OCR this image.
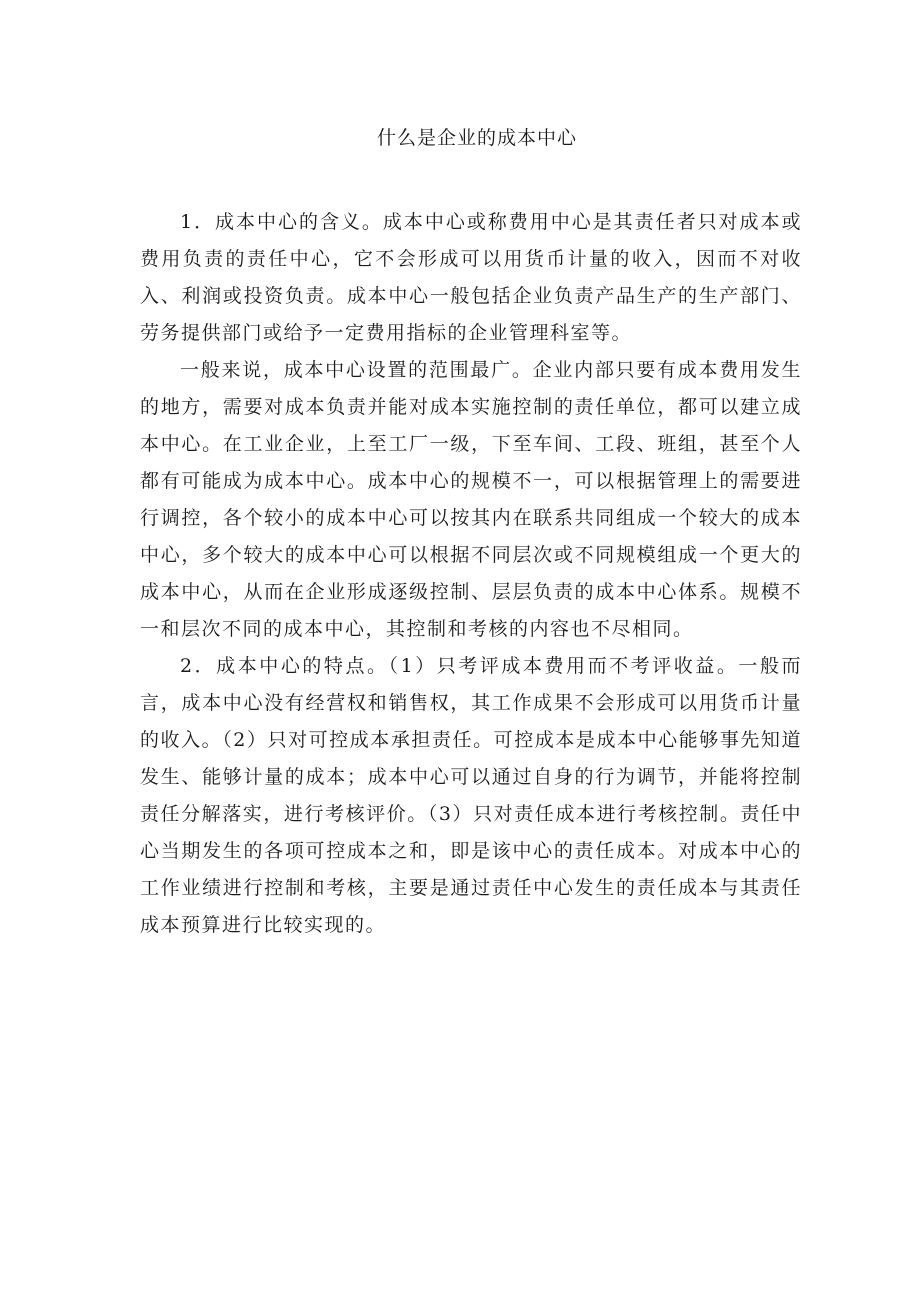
什么是企业的成本中心

1．成本中心的含义。成本中心或称费用中心是其责任者只对成本或费用负责的责任中心，它不会形成可以用货币计量的收入，因而不对收入、利润或投资负责。成本中心一般包括企业负责产品生产的生产部门、劳务提供部门或给予一定费用指标的企业管理科室等。

一般来说，成本中心设置的范围最广。企业内部只要有成本费用发生的地方，需要对成本负责并能对成本实施控制的责任单位，都可以建立成本中心。在工业企业，上至工厂一级，下至车间、工段、班组，甚至个人都有可能成为成本中心。成本中心的规模不一，可以根据管理上的需要进行调控，各个较小的成本中心可以按其内在联系共同组成一个较大的成本中心，多个较大的成本中心可以根据不同层次或不同规模组成一个更大的成本中心，从而在企业形成逐级控制、层层负责的成本中心体系。规模不一和层次不同的成本中心，其控制和考核的内容也不尽相同。

2．成本中心的特点。（1）只考评成本费用而不考评收益。一般而言，成本中心没有经营权和销售权，其工作成果不会形成可以用货币计量的收入。（2）只对可控成本承担责任。可控成本是成本中心能够事先知道发生、能够计量的成本；成本中心可以通过自身的行为调节，并能将控制责任分解落实，进行考核评价。（3）只对责任成本进行考核控制。责任中心当期发生的各项可控成本之和，即是该中心的责任成本。对成本中心的工作业绩进行控制和考核，主要是通过责任中心发生的责任成本与其责任成本预算进行比较实现的。
